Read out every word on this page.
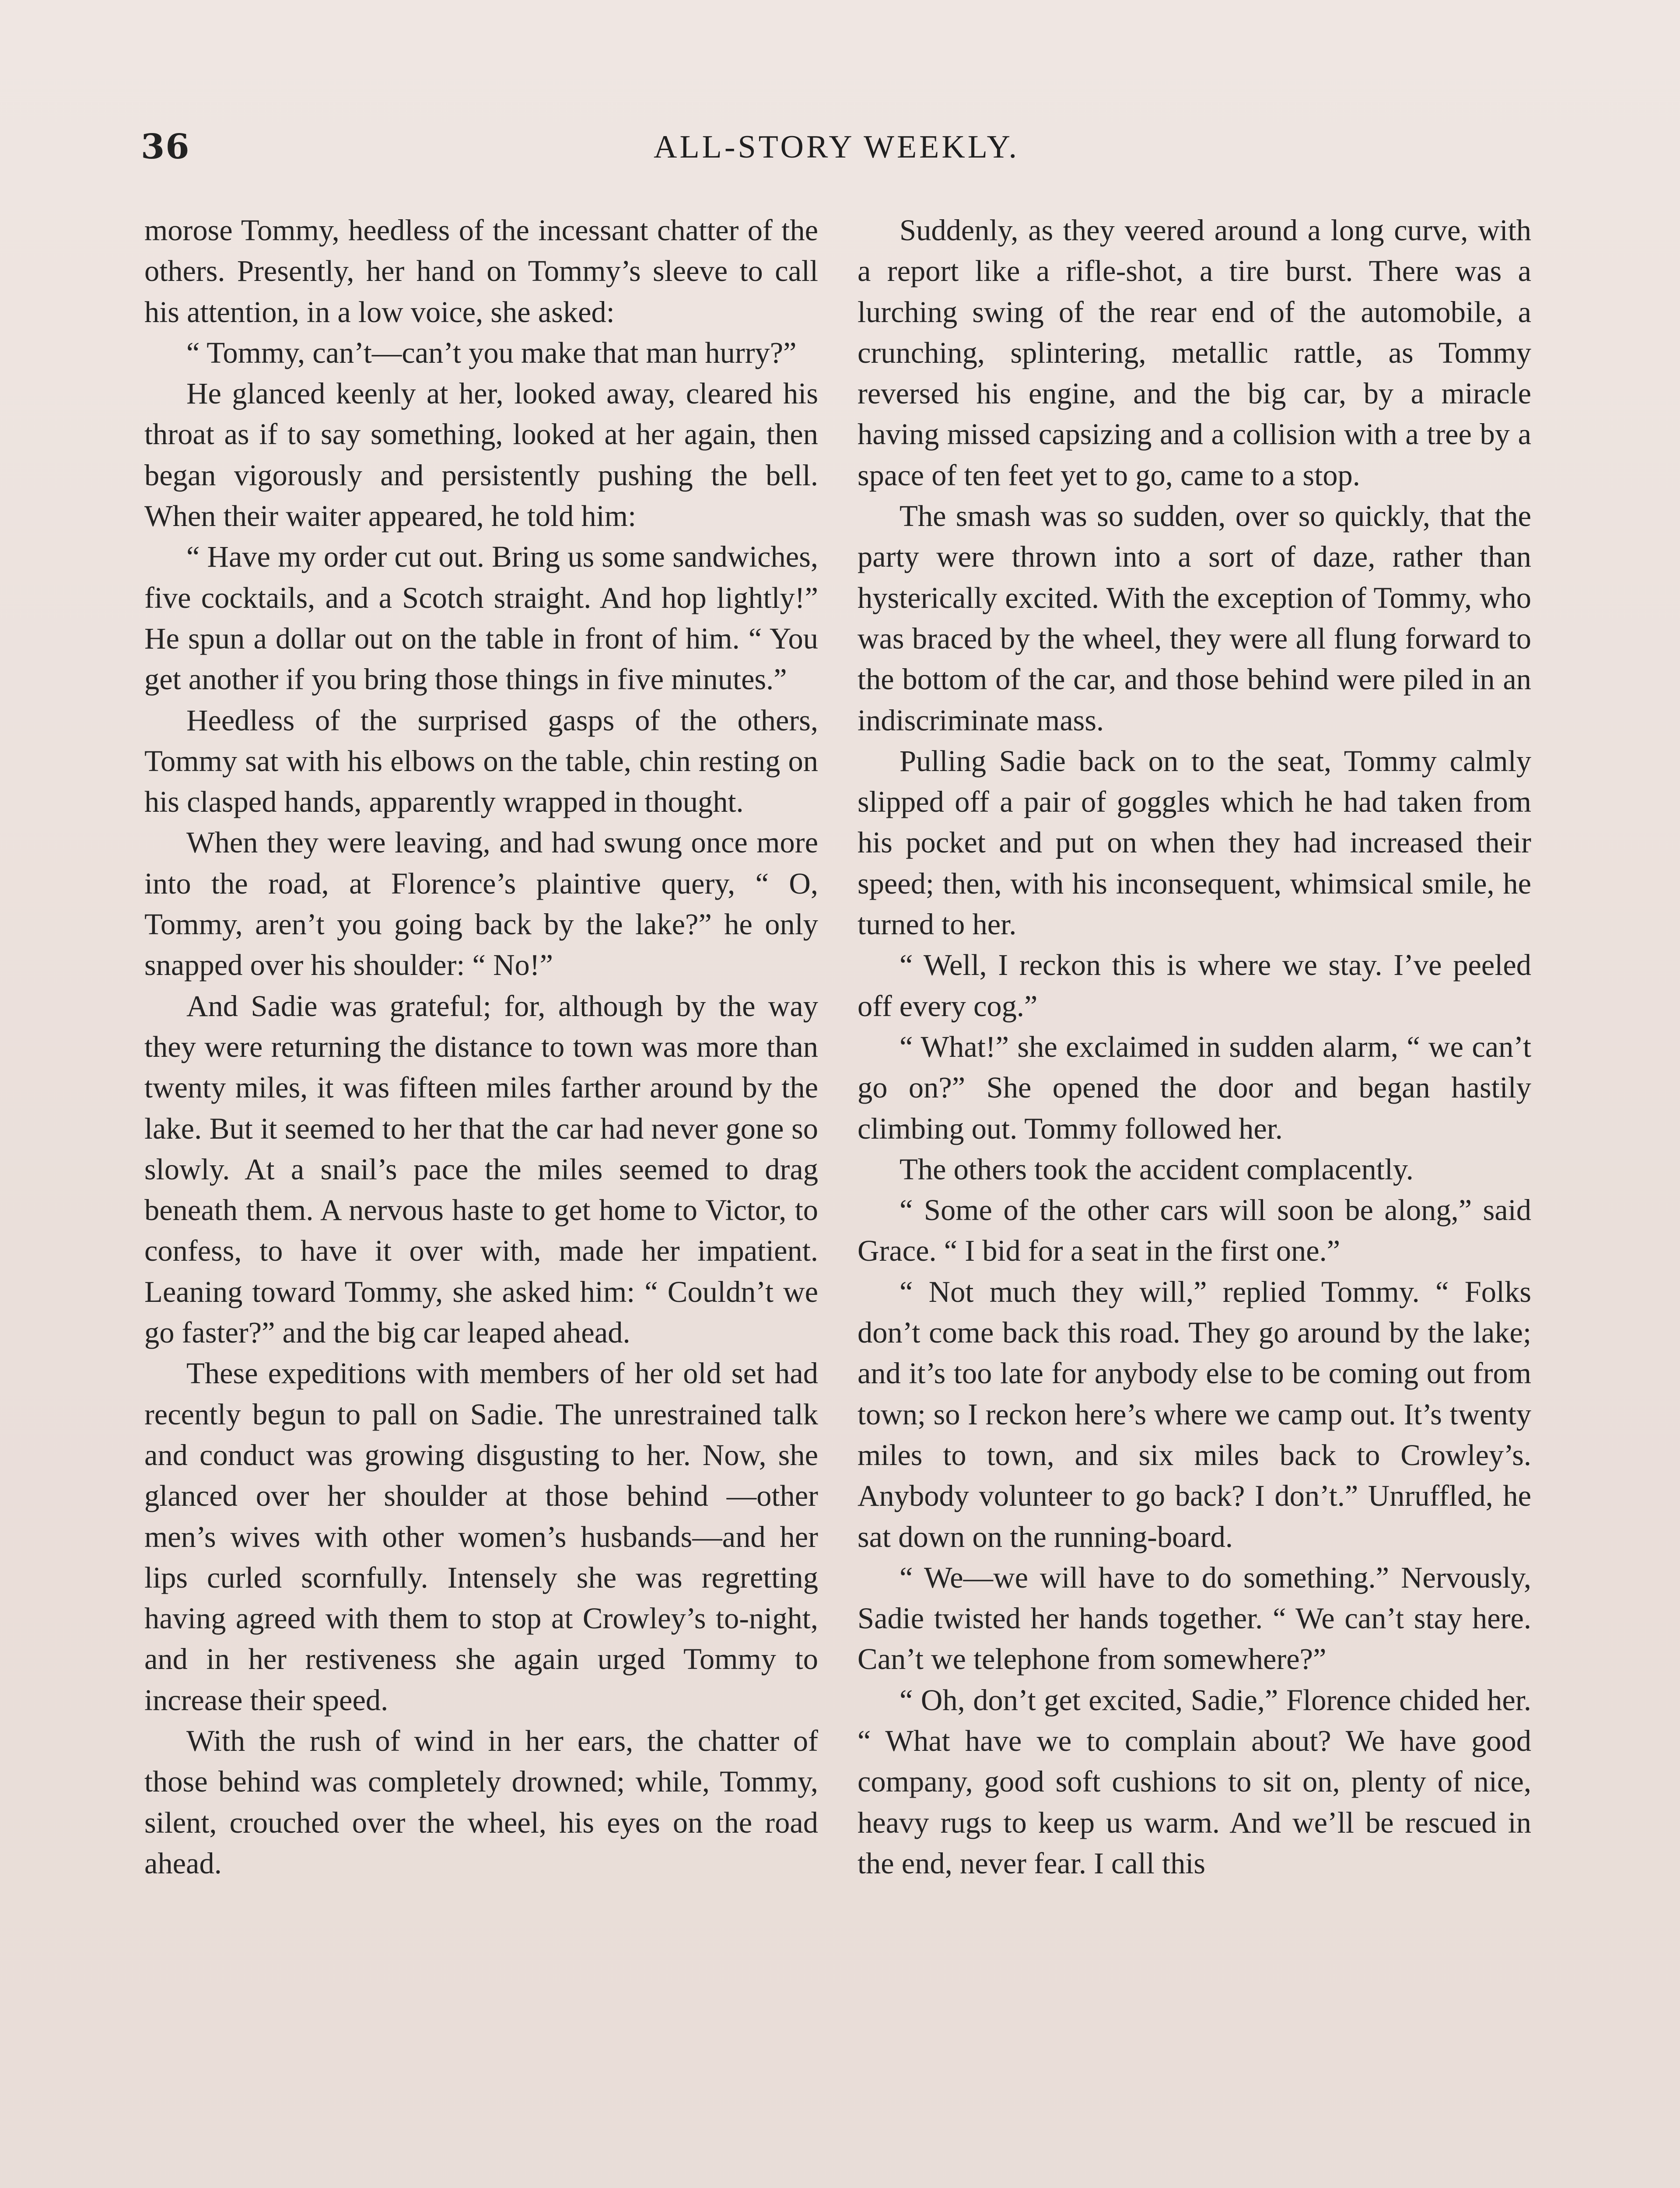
36	ALL-STORY WEEKLY.

morose Tommy, heedless of the incessant chatter of the others. Presently, her hand on Tommy’s sleeve to call his attention, in a low voice, she asked:

“ Tommy, can’t—can’t you make that man hurry?”

He glanced keenly at her, looked away, cleared his throat as if to say something, looked at her again, then began vigorously and persistently pushing the bell. When their waiter appeared, he told him:

“ Have my order cut out. Bring us some sandwiches, five cocktails, and a Scotch straight. And hop lightly!” He spun a dollar out on the table in front of him. “ You get another if you bring those things in five minutes.”

Heedless of the surprised gasps of the others, Tommy sat with his elbows on the table, chin resting on his clasped hands, apparently wrapped in thought.

When they were leaving, and had swung once more into the road, at Florence’s plaintive query, “ O, Tommy, aren’t you going back by the lake?” he only snapped over his shoulder: “ No!”

And Sadie was grateful; for, although by the way they were returning the distance to town was more than twenty miles, it was fifteen miles farther around by the lake. But it seemed to her that the car had never gone so slowly. At a snail’s pace the miles seemed to drag beneath them. A nervous haste to get home to Victor, to confess, to have it over with, made her impatient. Leaning toward Tommy, she asked him: “ Couldn’t we go faster?” and the big car leaped ahead.

These expeditions with members of her old set had recently begun to pall on Sadie. The unrestrained talk and conduct was growing disgusting to her. Now, she glanced over her shoulder at those behind —other men’s wives with other women’s husbands—and her lips curled scornfully. Intensely she was regretting having agreed with them to stop at Crowley’s to-night, and in her restiveness she again urged Tommy to increase their speed.

With the rush of wind in her ears, the chatter of those behind was completely drowned; while, Tommy, silent, crouched over the wheel, his eyes on the road ahead.

Suddenly, as they veered around a long curve, with a report like a rifle-shot, a tire burst. There was a lurching swing of the rear end of the automobile, a crunching, splintering, metallic rattle, as Tommy reversed his engine, and the big car, by a miracle having missed capsizing and a collision with a tree by a space of ten feet yet to go, came to a stop.

The smash was so sudden, over so quickly, that the party were thrown into a sort of daze, rather than hysterically excited. With the exception of Tommy, who was braced by the wheel, they were all flung forward to the bottom of the car, and those behind were piled in an indiscriminate mass.

Pulling Sadie back on to the seat, Tommy calmly slipped off a pair of goggles which he had taken from his pocket and put on when they had increased their speed; then, with his inconsequent, whimsical smile, he turned to her.

“ Well, I reckon this is where we stay. I’ve peeled off every cog.”

“ What!” she exclaimed in sudden alarm, “ we can’t go on?” She opened the door and began hastily climbing out. Tommy followed her.

The others took the accident complacently.

“ Some of the other cars will soon be along,” said Grace. “ I bid for a seat in the first one.”

“ Not much they will,” replied Tommy. “ Folks don’t come back this road. They go around by the lake; and it’s too late for anybody else to be coming out from town; so I reckon here’s where we camp out. It’s twenty miles to town, and six miles back to Crowley’s. Anybody volunteer to go back? I don’t.” Unruffled, he sat down on the running-board.

“ We—we will have to do something.” Nervously, Sadie twisted her hands together. “ We can’t stay here. Can’t we telephone from somewhere?”

“ Oh, don’t get excited, Sadie,” Florence chided her. “ What have we to complain about? We have good company, good soft cushions to sit on, plenty of nice, heavy rugs to keep us warm. And we’ll be rescued in the end, never fear. I call this
